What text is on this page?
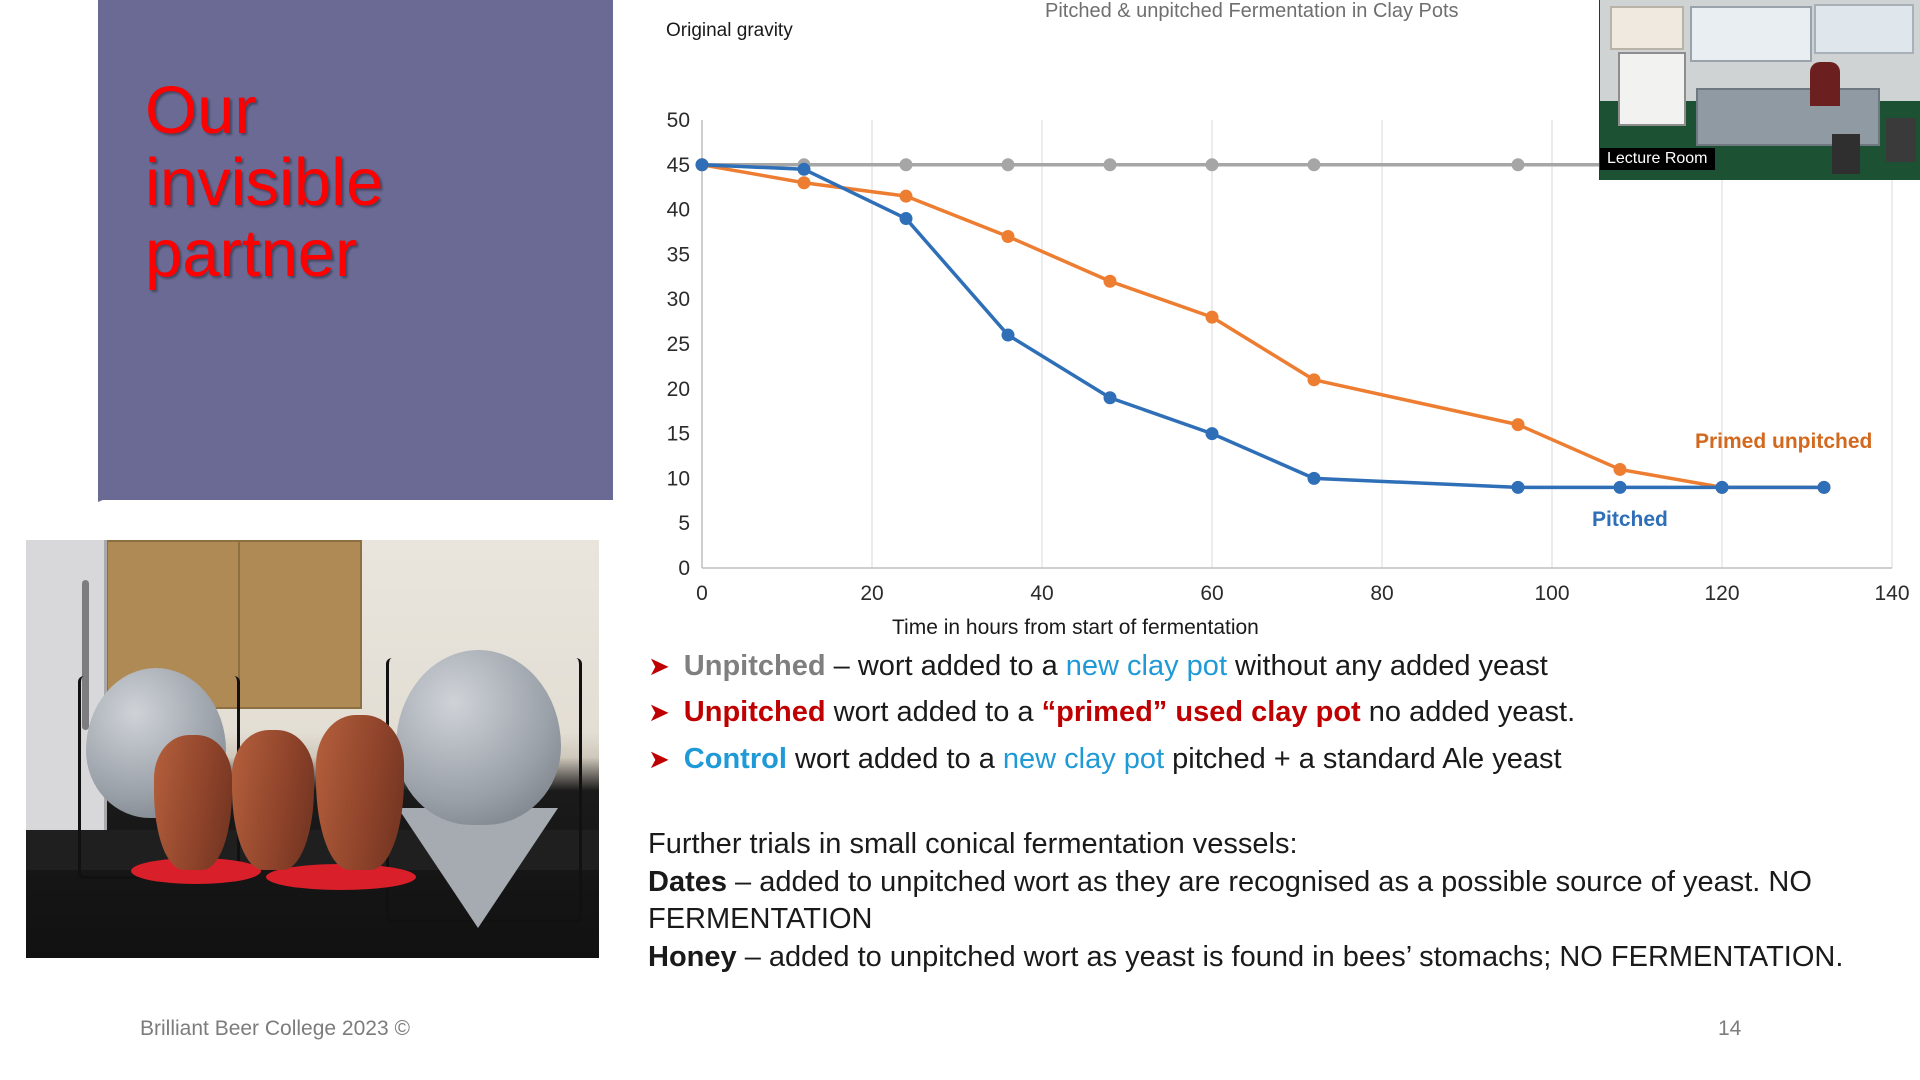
Our
invisible
partner
Brilliant Beer College 2023 ©
Pitched & unpitched Fermentation in Clay Pots
Original gravity
Time in hours from start of fermentation
0
5
10
15
20
25
30
35
40
45
50
0	20	40	60	80	100	120	140
Primed unpitched
Pitched
Lecture Room
➤ Unpitched – wort added to a new clay pot without any added yeast
➤ Unpitched wort added to a “primed” used clay pot no added yeast.
➤ Control wort added to a new clay pot pitched + a standard Ale yeast
Further trials in small conical fermentation vessels:
Dates – added to unpitched wort as they are recognised as a possible source of yeast. NO FERMENTATION
Honey – added to unpitched wort as yeast is found in bees’ stomachs; NO FERMENTATION.
14
